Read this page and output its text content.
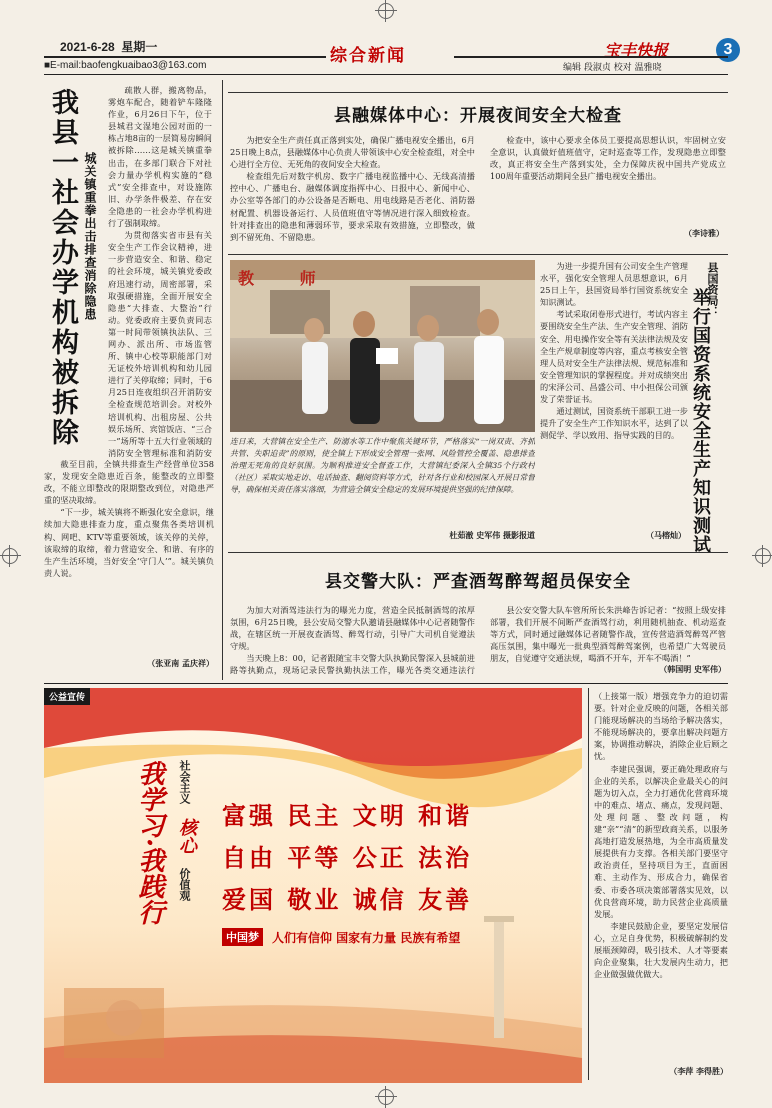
2021-6-28 星期一
■E-mail:baofengkuaibao3@163.com	综合新闻	宝丰快报	3
编辑 段淑贞 校对 温雅晓
我县一社会办学机构被拆除 城关镇重拳出击排查消除隐患

疏散人群，搬离物品，雾炮车配合，随着铲车隆隆作业，6月26日下午，位于县城君文湿地公园对面的一栋占地8亩的一层简易房瞬间被拆除……这是城关镇重拳出击，在多部门联合下对社会力量办学机构实施的“稳式”安全排查中，对设施陈旧、办学条件极差、存在安全隐患的一社会办学机构进行了强制取缔。

为贯彻落实省市县有关安全生产工作会议精神，进一步营造安全、和谐、稳定的社会环境，城关镇党委政府迅速行动，周密部署，采取强硬措施，全面开展安全隐患“大排查、大整治”行动。党委政府主要负责同志第一时间带领镇执法队、三网办、派出所、市场监管所、镇中心校等职能部门对无证校外培训机构和幼儿园进行了关停取缔；同时，于6月25日连夜组织召开消防安全检查规范培训会。对校外培训机构、出租房屋、公共娱乐场所、宾馆饭店、“三合一”场所等十五大行业领域的消防安全管理标准和消防安

截至目前，全镇共排查生产经营单位358家，发现安全隐患近百条，能整改的立即整改，不能立即整改的限期整改到位，对隐患严重的坚决取缔。

“下一步，城关镇将不断强化安全意识，继续加大隐患排查力度，重点聚焦各类培训机构、网吧、KTV等重要领域，该关停的关停，该取缔的取缔，着力营造安全、和谐、有序的生产生活环境，当好安全‘守门人’”。城关镇负责人说。

（张亚南 孟庆祥）
县融媒体中心：开展夜间安全大检查

为把安全生产责任真正落到实处，确保广播电视安全播出，6月25日晚上8点，县融媒体中心负责人带领该中心安全检查组，对全中心进行全方位、无死角的夜间安全大检查。

检查组先后对数字机房、数字广播电视监播中心、无线高清播控中心、广播电台、融媒体调度指挥中心、日报中心、新闻中心、办公室等各部门的办公设备是否断电、用电线路是否老化、消防器材配置、机器设备运行、人员值班值守等情况进行深入细致检查。针对排查出的隐患和薄弱环节，要求采取有效措施，立即整改，做到不留死角、不留隐患。

检查中，该中心要求全体员工要提高思想认识，牢固树立安全意识，认真做好值班值守，定时巡查等工作，发现隐患立即整改，真正将安全生产落到实处，全力保障庆祝中国共产党成立100周年重要活动期间全县广播电视安全播出。

（李诗雅）
教 师
连日来，大营镇在安全生产、防溺水等工作中聚焦关键环节，严格落实“一岗双责、齐抓共管、失职追责”的原则，使全镇上下形成安全管理一张网、风险管控全覆盖、隐患排查治理无死角的良好氛围。为顺利推进安全督查工作，大营镇纪委深入全镇35个行政村（社区）采取实地走访、电话抽查、翻阅资料等方式，针对各行业和校园深入开展日常督导，确保相关责任落实落细，为营造全镇安全稳定的发展环境提供坚强的纪律保障。
杜茹澈 史军伟 摄影报道

为进一步提升国有公司安全生产管理水平，强化安全管理人员思想意识，6月25日上午，县国资局举行国资系统安全知识测试。

考试采取闭卷形式进行，考试内容主要围绕安全生产法、生产安全管理、消防安全、用电操作安全等有关法律法规及安全生产规章制度等内容，重点考核安全管理人员对安全生产法律法规、规范标准和安全管理知识的掌握程度。并对成绩突出的宋泽公司、昌盛公司、中小担保公司颁发了荣誉证书。

通过测试，国资系统干部职工进一步提升了安全生产工作知识水平，达到了以测促学、学以致用、指导实践的目的。

（马榕灿）
县国资局：
举行国资系统安全生产知识测试
县交警大队：严查酒驾醉驾超员保安全

为加大对酒驾违法行为的曝光力度，营造全民抵制酒驾的浓厚氛围，6月25日晚，县公安局交警大队邀请县融媒体中心记者随警作战，在辖区统一开展夜查酒驾、醉驾行动，引导广大司机自觉遵法守规。

当天晚上8：00，记者跟随宝丰交警大队执勤民警深入县城前进路等执勤点，现场记录民警执勤执法工作，曝光各类交通违法行

县公安交警大队车管所所长朱洪峰告诉记者：“按照上级安排部署，我们开展不间断严查酒驾行动，利用随机抽查、机动巡查等方式，同时通过融媒体记者随警作战，宣传营造酒驾醉驾严管高压氛围，集中曝光一批典型酒驾醉驾案例，也希望广大驾驶员朋友，自觉遵守交通法规，喝酒不开车，开车不喝酒！”

（韩国明 史军伟）
公益宣传
我学习·我践行 社会主义
核心
价值观
富强 民主 文明 和谐
自由 平等 公正 法治
爱国 敬业 诚信 友善
中国梦	人们有信仰 国家有力量 民族有希望

（上接第一版）增强竞争力的迫切需要。针对企业反映的问题，各相关部门能现场解决的当场给予解决落实，不能现场解决的，要拿出解决问题方案，协调推动解决，消除企业后顾之忧。

李建民强调，要正确处理政府与企业的关系，以解决企业最关心的问题为切入点，全力打通优化营商环境中的难点、堵点、痛点，发现问题、处理问题、整改问题，构建“亲”“清”的新型政商关系，以服务高地打造发展热地，为全市高质量发展提供有力支撑。各相关部门要坚守政治责任，坚持项目为王，直面困难、主动作为、形成合力，确保省委、市委各项决策部署落实见效，以优良营商环境，助力民营企业高质量发展。

李建民鼓励企业，要坚定发展信心，立足自身优势，积极破解制约发展瓶颈障碍，吸引技术、人才等要素向企业聚集，壮大发展内生动力，把企业做强做优做大。

（李萍 李得胜）
